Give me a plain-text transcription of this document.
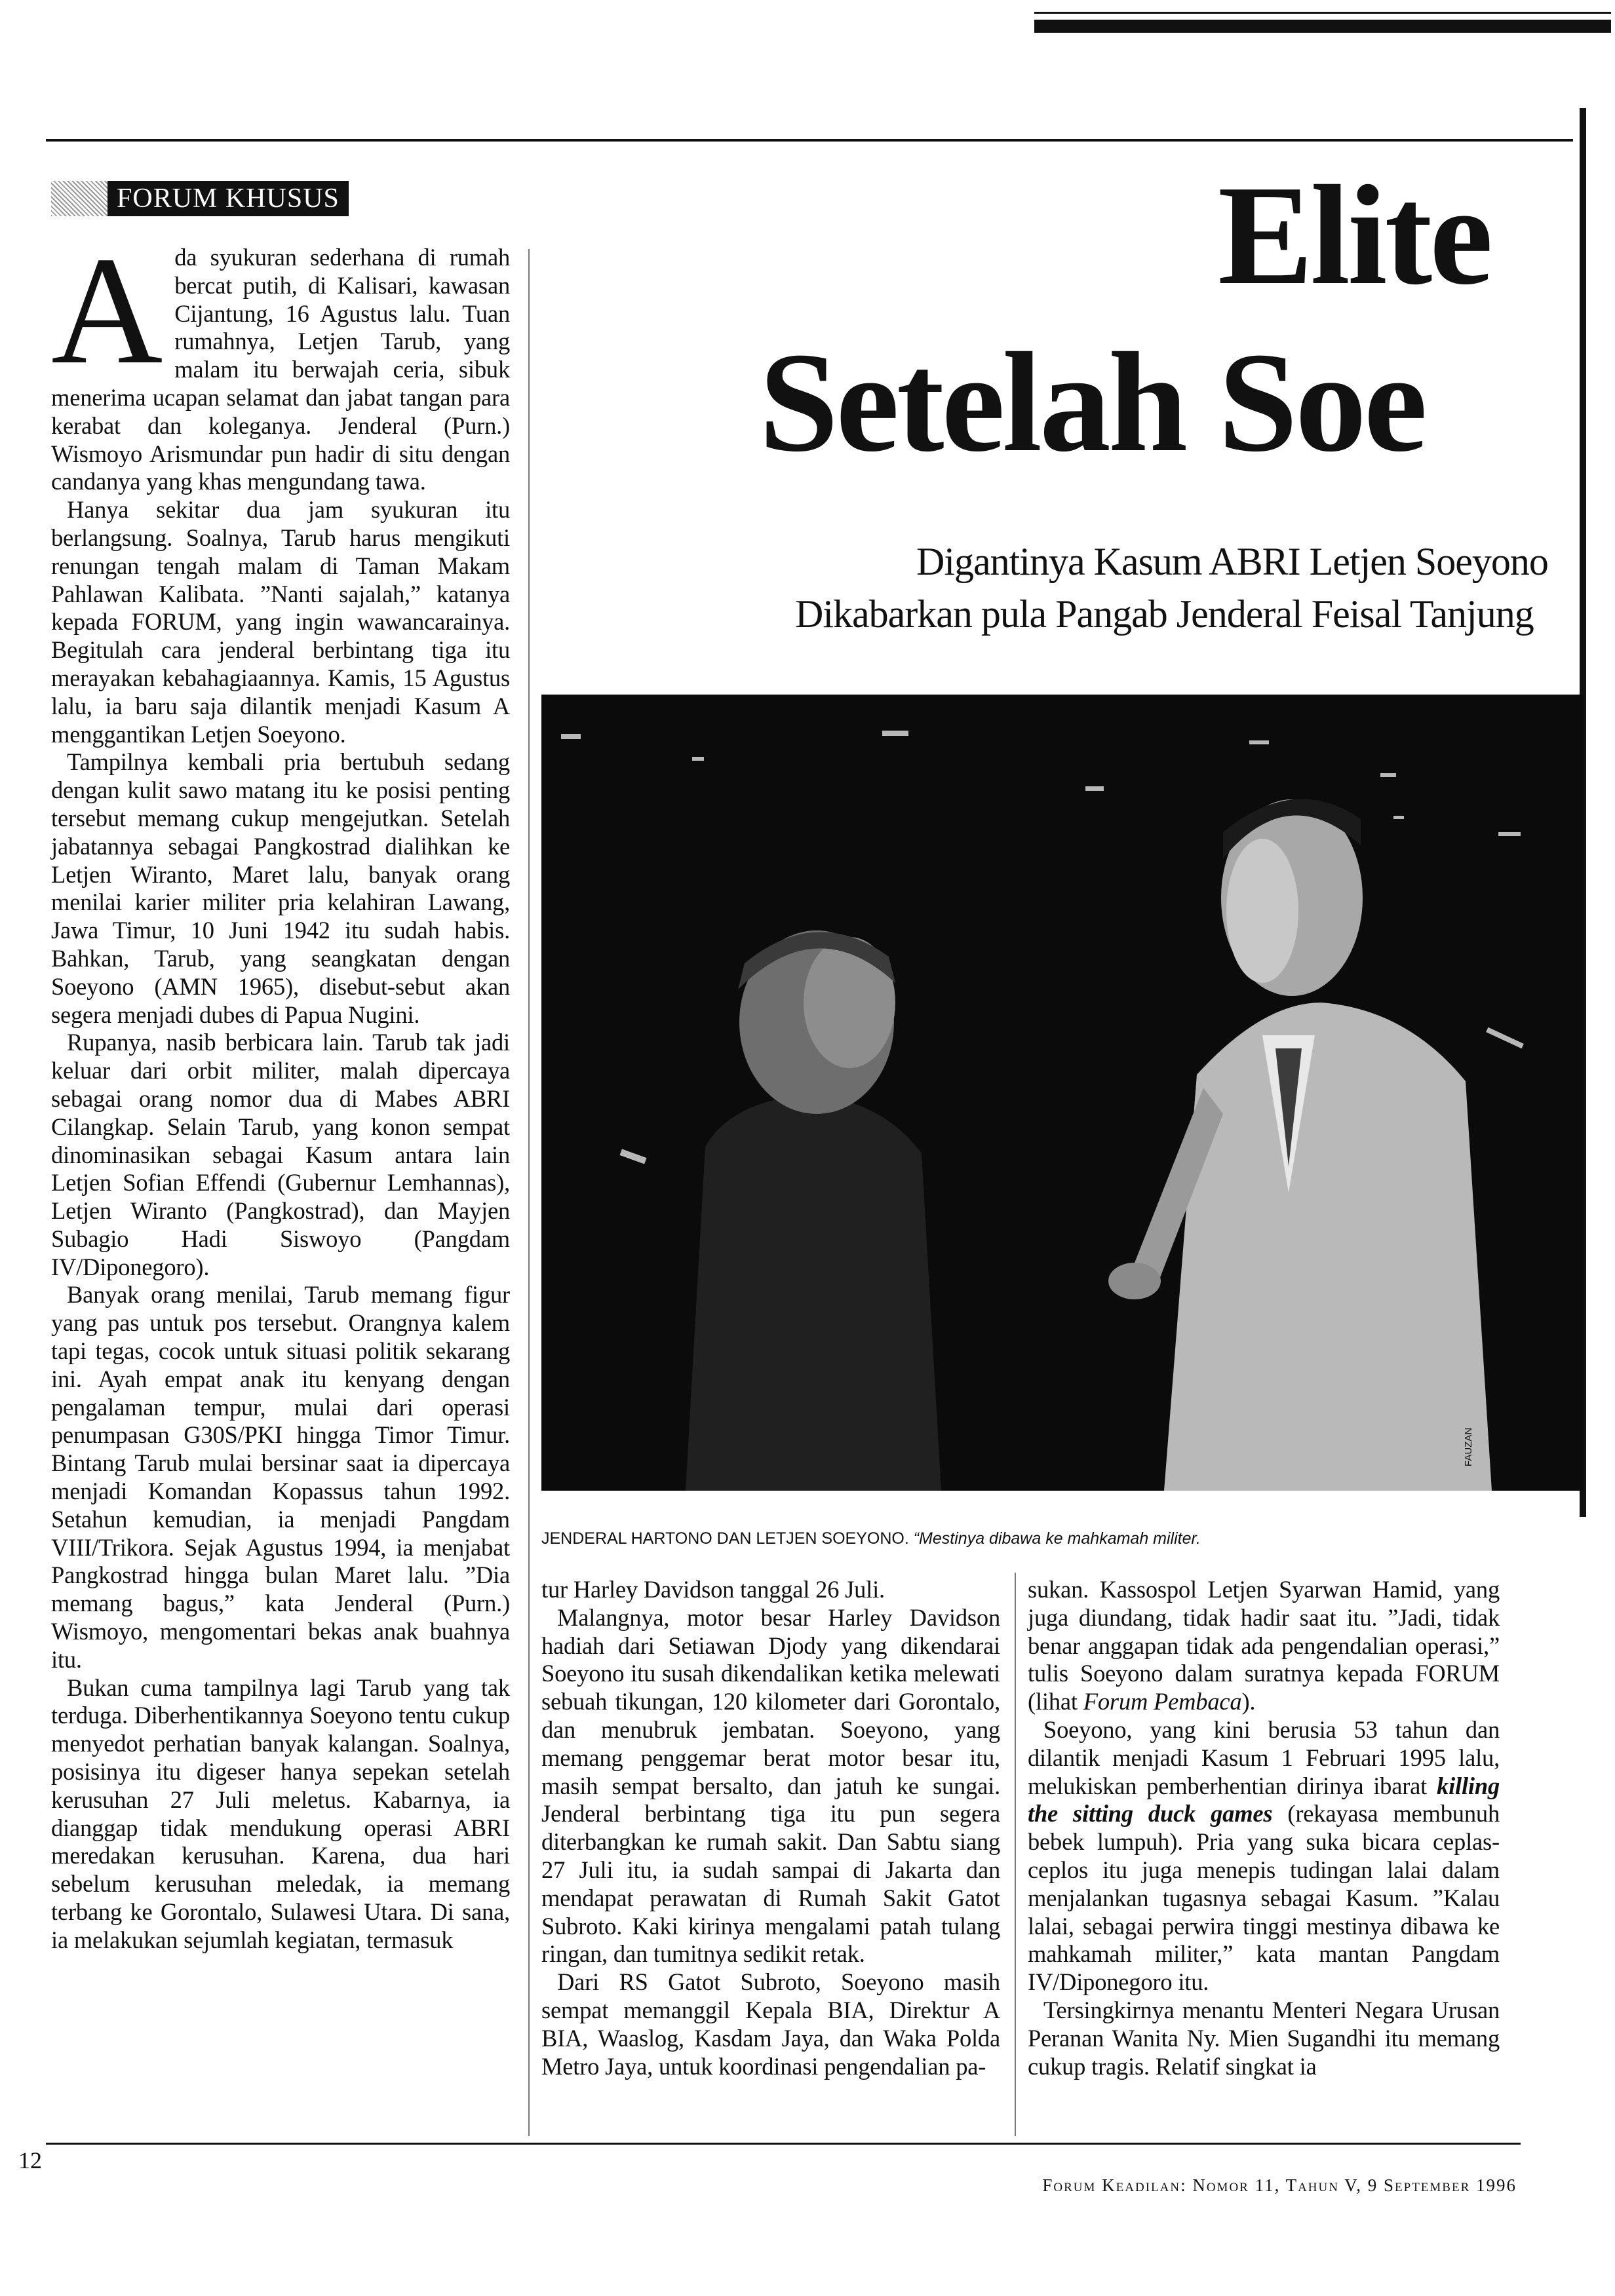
FORUM KHUSUS	Elite
Setelah Soe
Digantinya Kasum ABRI Letjen Soeyono
Dikabarkan pula Pangab Jenderal Feisal Tanjung
FAUZAN
JENDERAL HARTONO DAN LETJEN SOEYONO. “Mestinya dibawa ke mahkamah militer.
A da syukuran sederhana di rumah bercat putih, di Kalisari, kawasan Cijantung, 16 Agustus lalu. Tuan rumahnya, Letjen Tarub, yang malam itu berwajah ceria, sibuk menerima ucapan selamat dan jabat tangan para kerabat dan koleganya. Jenderal (Purn.) Wismoyo Arismundar pun hadir di situ dengan candanya yang khas mengundang tawa.

Hanya sekitar dua jam syukuran itu berlangsung. Soalnya, Tarub harus mengikuti renungan tengah malam di Taman Makam Pahlawan Kalibata. ”Nanti sajalah,” katanya kepada FORUM, yang ingin wawancarainya. Begitulah cara jenderal berbintang tiga itu merayakan kebahagiaannya. Kamis, 15 Agustus lalu, ia baru saja dilantik menjadi Kasum A menggantikan Letjen Soeyono.

Tampilnya kembali pria bertubuh sedang dengan kulit sawo matang itu ke posisi penting tersebut memang cukup mengejutkan. Setelah jabatannya sebagai Pangkostrad dialihkan ke Letjen Wiranto, Maret lalu, banyak orang menilai karier militer pria kelahiran Lawang, Jawa Timur, 10 Juni 1942 itu sudah habis. Bahkan, Tarub, yang seangkatan dengan Soeyono (AMN 1965), disebut-sebut akan segera menjadi dubes di Papua Nugini.

Rupanya, nasib berbicara lain. Tarub tak jadi keluar dari orbit militer, malah dipercaya sebagai orang nomor dua di Mabes ABRI Cilangkap. Selain Tarub, yang konon sempat dinominasikan sebagai Kasum antara lain Letjen Sofian Effendi (Gubernur Lemhannas), Letjen Wiranto (Pangkostrad), dan Mayjen Subagio Hadi Siswoyo (Pangdam IV/Diponegoro).

Banyak orang menilai, Tarub memang figur yang pas untuk pos tersebut. Orangnya kalem tapi tegas, cocok untuk situasi politik sekarang ini. Ayah empat anak itu kenyang dengan pengalaman tempur, mulai dari operasi penumpasan G30S/PKI hingga Timor Timur. Bintang Tarub mulai bersinar saat ia dipercaya menjadi Komandan Kopassus tahun 1992. Setahun kemudian, ia menjadi Pangdam VIII/Trikora. Sejak Agustus 1994, ia menjabat Pangkostrad hingga bulan Maret lalu. ”Dia memang bagus,” kata Jenderal (Purn.) Wismoyo, mengomentari bekas anak buahnya itu.

Bukan cuma tampilnya lagi Tarub yang tak terduga. Diberhentikannya Soeyono tentu cukup menyedot perhatian banyak kalangan. Soalnya, posisinya itu digeser hanya sepekan setelah kerusuhan 27 Juli meletus. Kabarnya, ia dianggap tidak mendukung operasi ABRI meredakan kerusuhan. Karena, dua hari sebelum kerusuhan meledak, ia memang terbang ke Gorontalo, Sulawesi Utara. Di sana, ia melakukan sejumlah kegiatan, termasuk

tur Harley Davidson tanggal 26 Juli.

Malangnya, motor besar Harley Davidson hadiah dari Setiawan Djody yang dikendarai Soeyono itu susah dikendalikan ketika melewati sebuah tikungan, 120 kilometer dari Gorontalo, dan menubruk jembatan. Soeyono, yang memang penggemar berat motor besar itu, masih sempat bersalto, dan jatuh ke sungai. Jenderal berbintang tiga itu pun segera diterbangkan ke rumah sakit. Dan Sabtu siang 27 Juli itu, ia sudah sampai di Jakarta dan mendapat perawatan di Rumah Sakit Gatot Subroto. Kaki kirinya mengalami patah tulang ringan, dan tumitnya sedikit retak.

Dari RS Gatot Subroto, Soeyono masih sempat memanggil Kepala BIA, Direktur A BIA, Waaslog, Kasdam Jaya, dan Waka Polda Metro Jaya, untuk koordinasi pengendalian pa-

sukan. Kassospol Letjen Syarwan Hamid, yang juga diundang, tidak hadir saat itu. ”Jadi, tidak benar anggapan tidak ada pengendalian operasi,” tulis Soeyono dalam suratnya kepada FORUM (lihat Forum Pembaca).

Soeyono, yang kini berusia 53 tahun dan dilantik menjadi Kasum 1 Februari 1995 lalu, melukiskan pemberhentian dirinya ibarat killing the sitting duck games (rekayasa membunuh bebek lumpuh). Pria yang suka bicara ceplas-ceplos itu juga menepis tudingan lalai dalam menjalankan tugasnya sebagai Kasum. ”Kalau lalai, sebagai perwira tinggi mestinya dibawa ke mahkamah militer,” kata mantan Pangdam IV/Diponegoro itu.

Tersingkirnya menantu Menteri Negara Urusan Peranan Wanita Ny. Mien Sugandhi itu memang cukup tragis. Relatif singkat ia

12
Forum Keadilan: Nomor 11, Tahun V, 9 September 1996
